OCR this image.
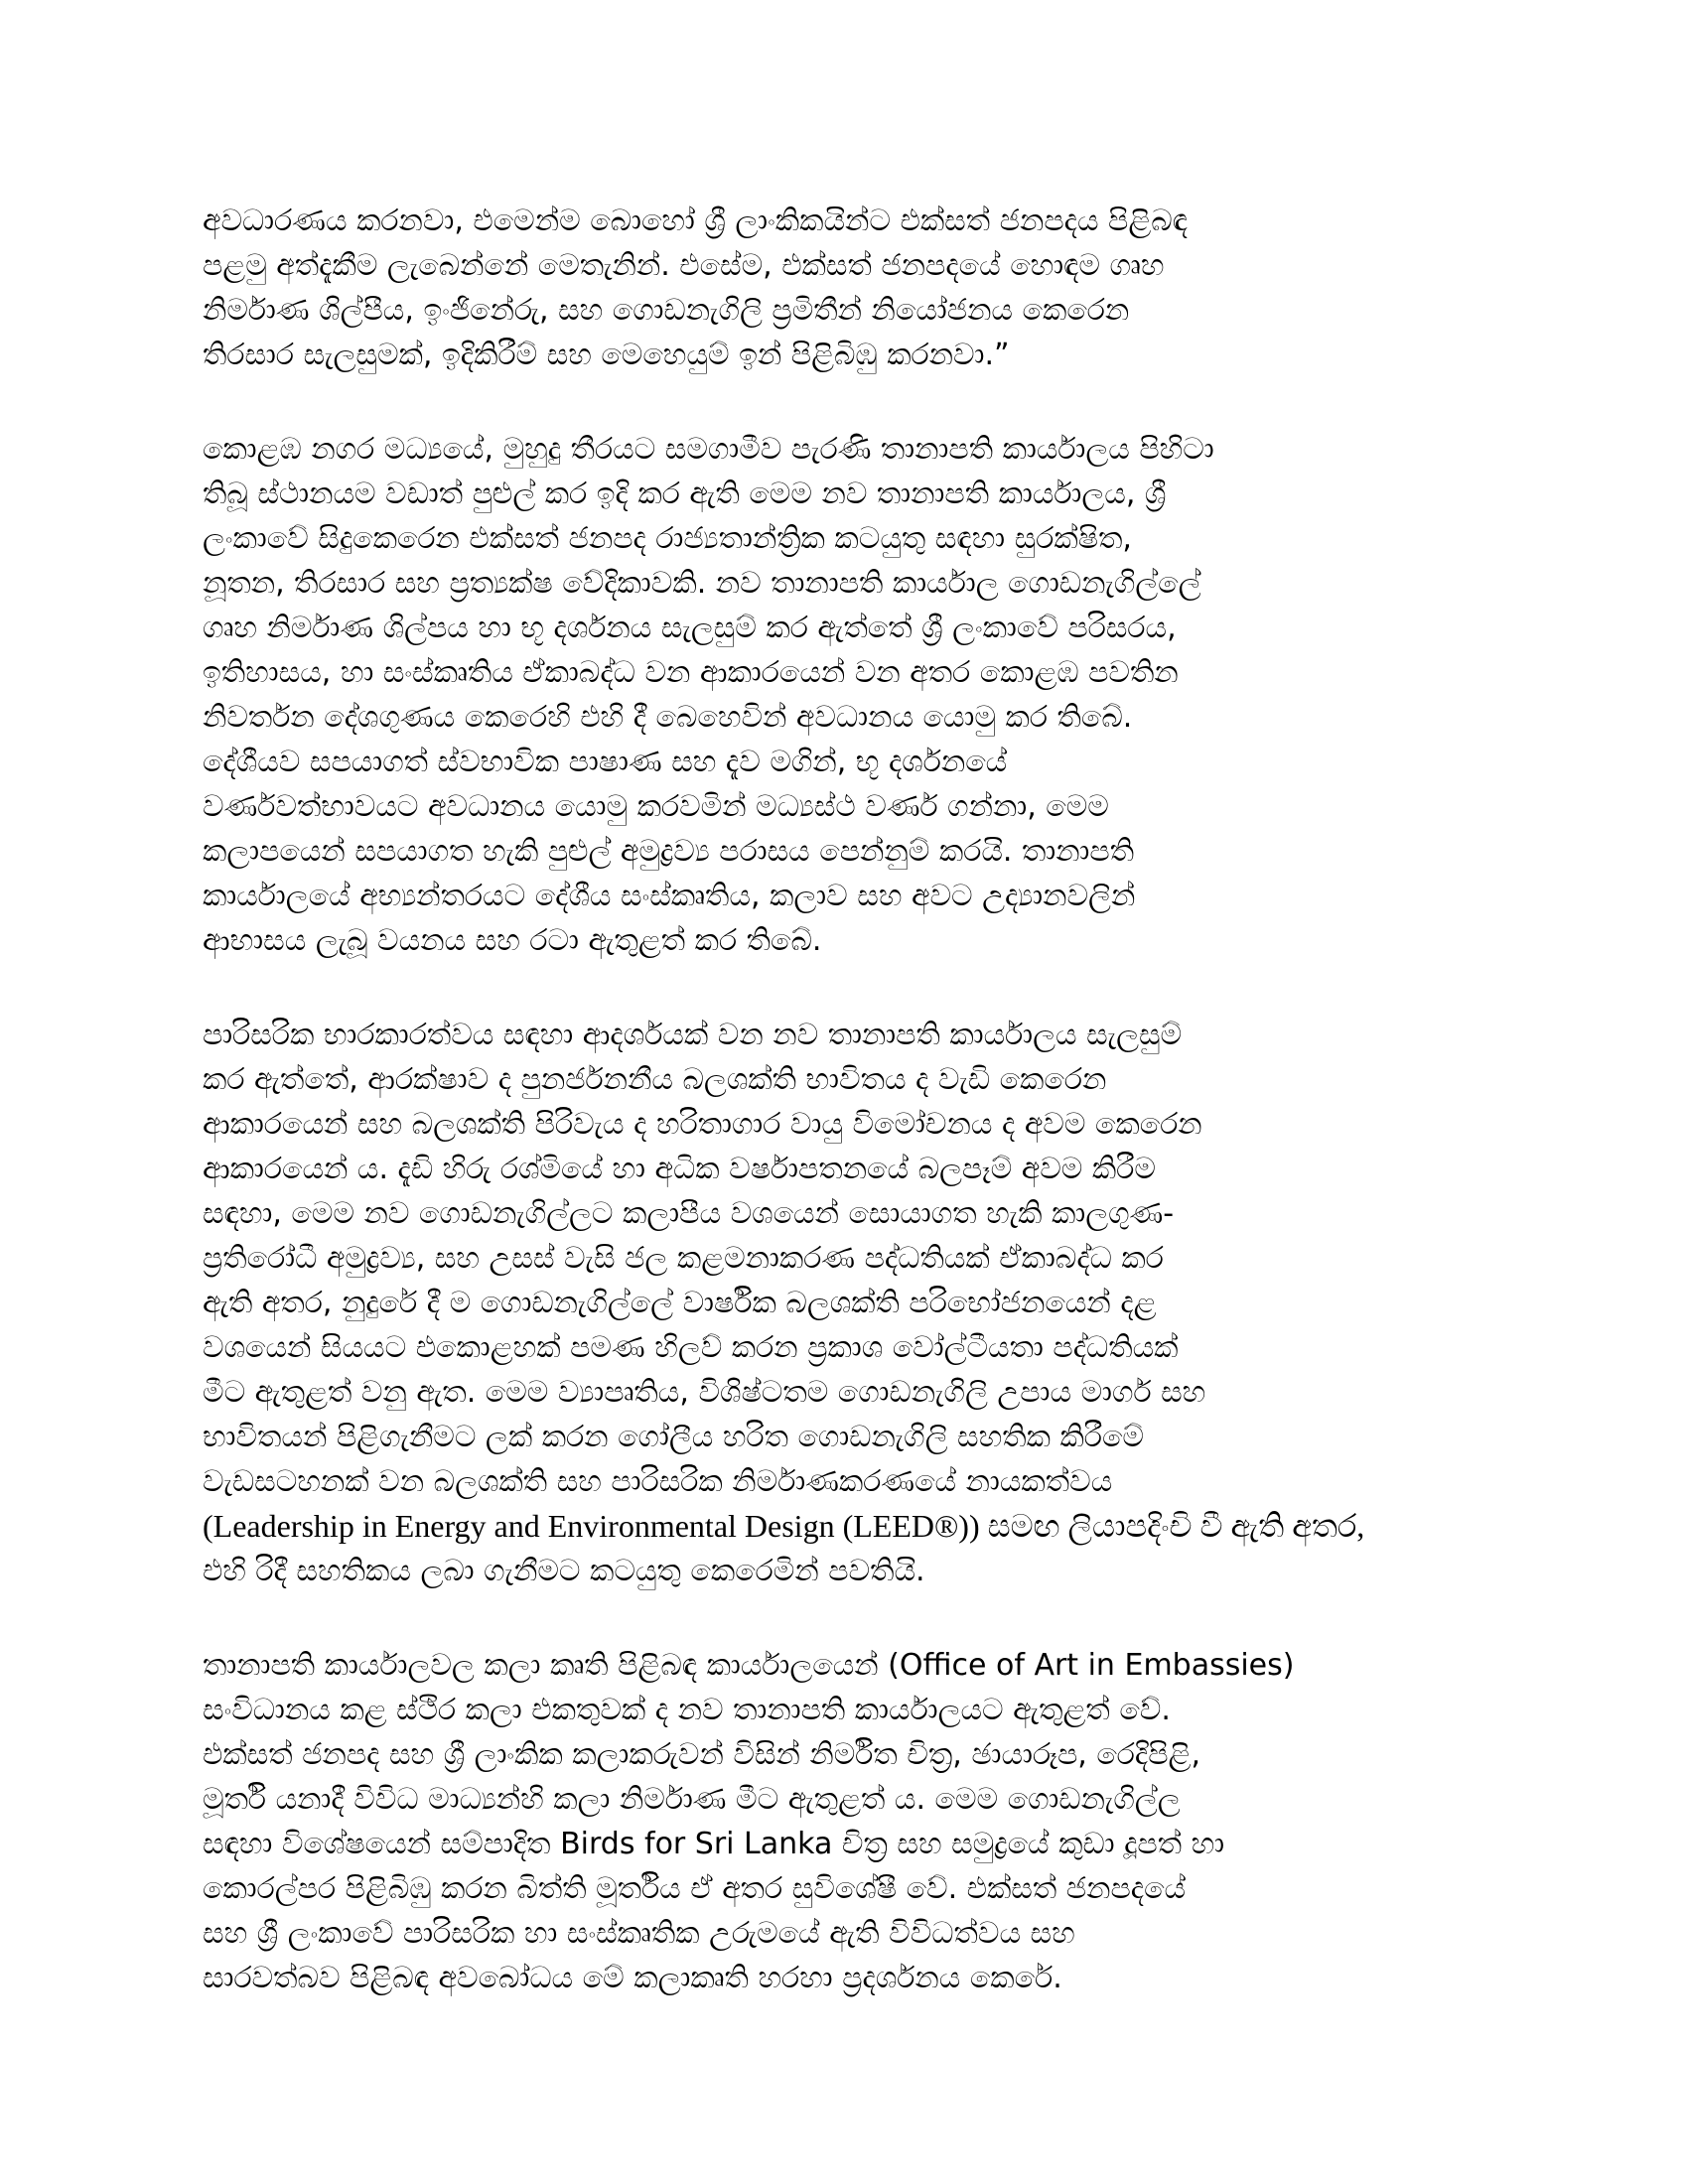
අවධාරණය කරනවා, එමෙන්ම බොහෝ ශ්‍රී ලාංකිකයින්ට එක්සත් ජනපදය පිළිබඳ
පළමු අත්දැකීම ලැබෙන්නේ මෙතැනින්. එසේම, එක්සත් ජනපදයේ හොඳම ගෘහ
නිර්මාණ ශිල්පීය, ඉංජිනේරු, සහ ගොඩනැගිලි ප්‍රමිතීන් නියෝජනය කෙරෙන
තිරසාර සැලසුමක්, ඉදිකිරීම් සහ මෙහෙයුම් ඉන් පිළිබිඹු කරනවා.”
කොළඹ නගර මධ්‍යයේ, මුහුදු තීරයට සමගාමීව පැරණි තානාපති කාර්යාලය පිහිටා
තිබූ ස්ථානයම වඩාත් පුළුල් කර ඉදි කර ඇති මෙම නව තානාපති කාර්යාලය, ශ්‍රී
ලංකාවේ සිදුකෙරෙන එක්සත් ජනපද රාජ්‍යතාන්ත්‍රික කටයුතු සඳහා සුරක්ෂිත,
නූතන, තිරසාර සහ ප්‍රත්‍යක්ෂ වේදිකාවකි. නව තානාපති කාර්යාල ගොඩනැගිල්ලේ
ගෘහ නිර්මාණ ශිල්පය හා භූ දර්ශනය සැලසුම් කර ඇත්තේ ශ්‍රී ලංකාවේ පරිසරය,
ඉතිහාසය, හා සංස්කෘතිය ඒකාබද්ධ වන ආකාරයෙන් වන අතර කොළඹ පවතින
නිවර්තන දේශගුණය කෙරෙහි එහි දී බෙහෙවින් අවධානය යොමු කර තිබේ.
දේශීයව සපයාගත් ස්වභාවික පාෂාණ සහ දැව මගින්, භූ දර්ශනයේ
වර්ණවත්භාවයට අවධානය යොමු කරවමින් මධ්‍යස්ථ වර්ණ ගන්නා, මෙම
කලාපයෙන් සපයාගත හැකි පුළුල් අමුද්‍රව්‍ය පරාසය පෙන්නුම් කරයි. තානාපති
කාර්යාලයේ අභ්‍යන්තරයට දේශීය සංස්කෘතිය, කලාව සහ අවට උද්‍යානවලින්
ආභාසය ලැබූ වයනය සහ රටා ඇතුළත් කර තිබේ.
පාරිසරික භාරකාරත්වය සඳහා ආදර්ශයක් වන නව තානාපති කාර්යාලය සැලසුම්
කර ඇත්තේ, ආරක්ෂාව ද පුනර්ජනනීය බලශක්ති භාවිතය ද වැඩි කෙරෙන
ආකාරයෙන් සහ බලශක්ති පිරිවැය ද හරිතාගාර වායු විමෝචනය ද අවම කෙරෙන
ආකාරයෙන් ය. දැඩි හිරු රශ්මියේ හා අධික වර්ෂාපතනයේ බලපෑම් අවම කිරීම
සඳහා, මෙම නව ගොඩනැගිල්ලට කලාපීය වශයෙන් සොයාගත හැකි කාලගුණ-
ප්‍රතිරෝධී අමුද්‍රව්‍ය, සහ උසස් වැසි ජල කළමනාකරණ පද්ධතියක් ඒකාබද්ධ කර
ඇති අතර, නුදුරේ දී ම ගොඩනැගිල්ලේ වාර්ෂික බලශක්ති පරිභෝජනයෙන් දළ
වශයෙන් සියයට එකොළහක් පමණ හිලව් කරන ප්‍රකාශ වෝල්ටීයතා පද්ධතියක්
මීට ඇතුළත් වනු ඇත. මෙම ව්‍යාපෘතිය, විශිෂ්ටතම ගොඩනැගිලි උපාය මාර්ග සහ
භාවිතයන් පිළිගැනීමට ලක් කරන ගෝලීය හරිත ගොඩනැගිලි සහතික කිරීමේ
වැඩසටහනක් වන බලශක්ති සහ පාරිසරික නිර්මාණකරණයේ නායකත්වය
(Leadership in Energy and Environmental Design (LEED®)) සමඟ ලියාපදිංචි වී ඇති අතර,
එහි රිදී සහතිකය ලබා ගැනීමට කටයුතු කෙරෙමින් පවතියි.
තානාපති කාර්යාලවල කලා කෘති පිළිබඳ කාර්යාලයෙන් (Office of Art in Embassies)
සංවිධානය කළ ස්ථිර කලා එකතුවක් ද නව තානාපති කාර්යාලයට ඇතුළත් වේ.
එක්සත් ජනපද සහ ශ්‍රී ලාංකික කලාකරුවන් විසින් නිර්මිත චිත්‍ර, ඡායාරූප, රෙදිපිළි,
මූර්ති යනාදී විවිධ මාධ්‍යන්හි කලා නිර්මාණ මීට ඇතුළත් ය. මෙම ගොඩනැගිල්ල
සඳහා විශේෂයෙන් සම්පාදිත Birds for Sri Lanka චිත්‍ර සහ සමුද්‍රයේ කුඩා දූපත් හා
කොරල්පර පිළිබිඹු කරන බිත්ති මූර්තිය ඒ අතර සුවිශේෂී වේ. එක්සත් ජනපදයේ
සහ ශ්‍රී ලංකාවේ පාරිසරික හා සංස්කෘතික උරුමයේ ඇති විවිධත්වය සහ
සාරවත්බව පිළිබඳ අවබෝධය මේ කලාකෘති හරහා ප්‍රදර්ශනය කෙරේ.
